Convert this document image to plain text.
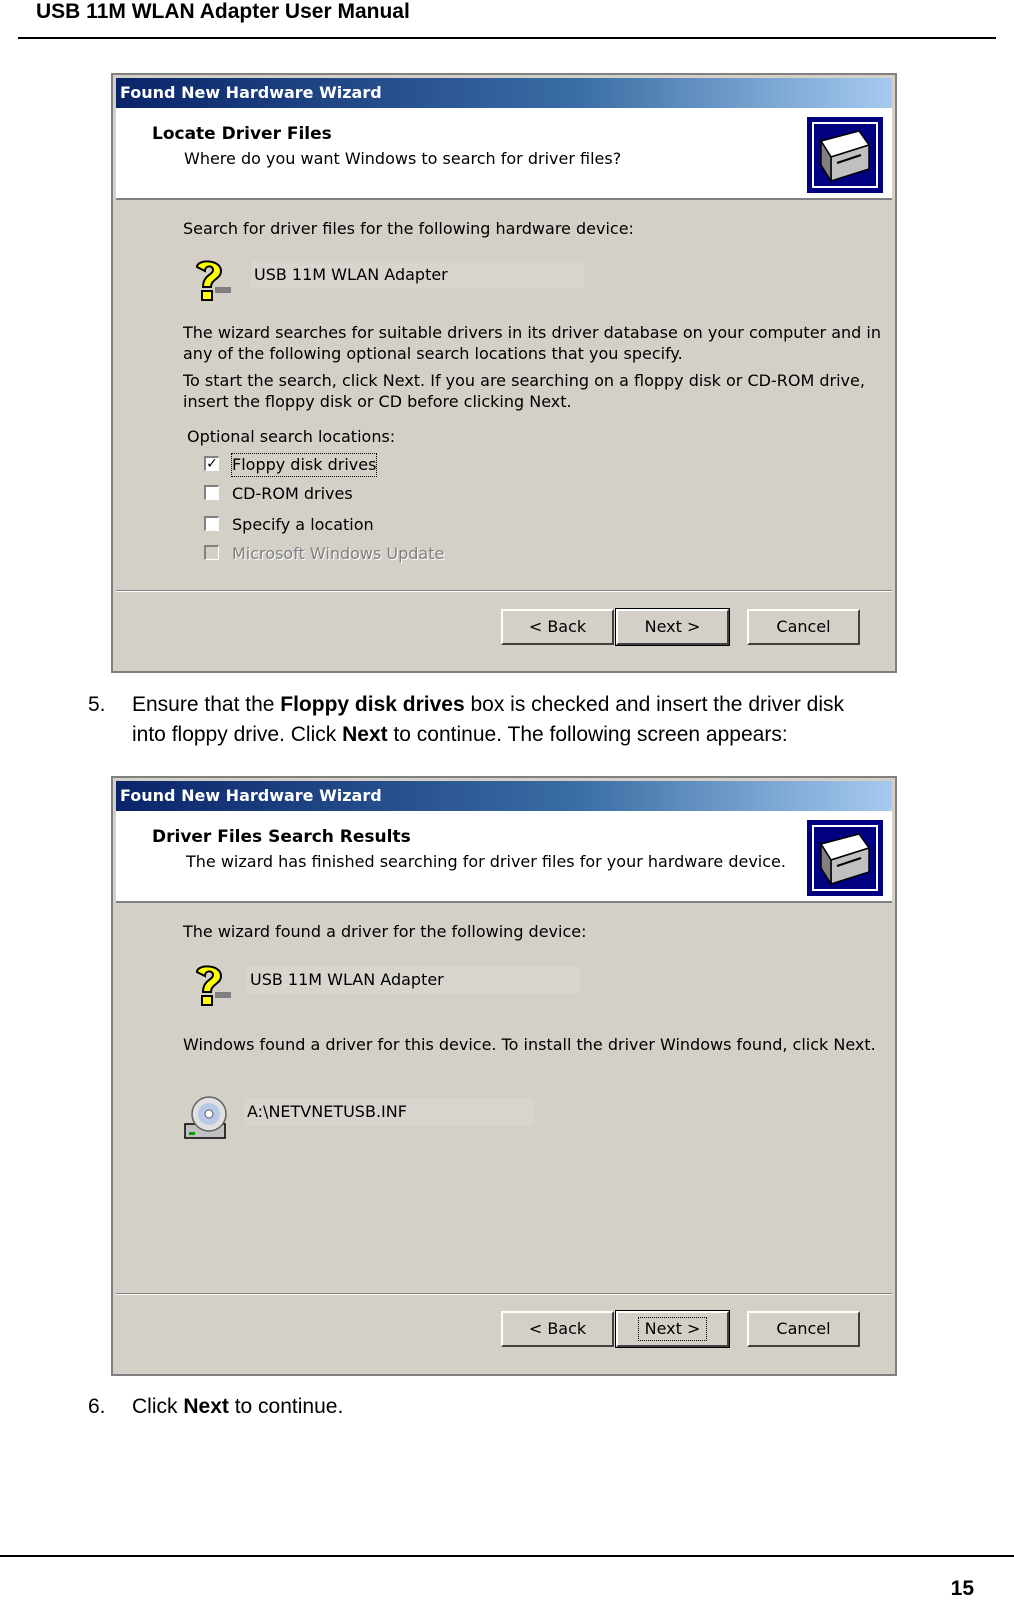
USB 11M WLAN Adapter User Manual
Found New Hardware Wizard
Locate Driver Files
Where do you want Windows to search for driver files?
Search for driver files for the following hardware device:
USB 11M WLAN Adapter
The wizard searches for suitable drivers in its driver database on your computer and in
any of the following optional search locations that you specify.
To start the search, click Next. If you are searching on a floppy disk or CD-ROM drive,
insert the floppy disk or CD before clicking Next.
Optional search locations:
✓ Floppy disk drives
CD-ROM drives
Specify a location
Microsoft Windows Update
< Back	Next >	Cancel
5. Ensure that the Floppy disk drives box is checked and insert the driver disk
into floppy drive. Click Next to continue. The following screen appears:
Found New Hardware Wizard
Driver Files Search Results
The wizard has finished searching for driver files for your hardware device.
The wizard found a driver for the following device:
USB 11M WLAN Adapter
Windows found a driver for this device. To install the driver Windows found, click Next.
A:\NETVNETUSB.INF
< Back	Next >	Cancel
6. Click Next to continue.
15
